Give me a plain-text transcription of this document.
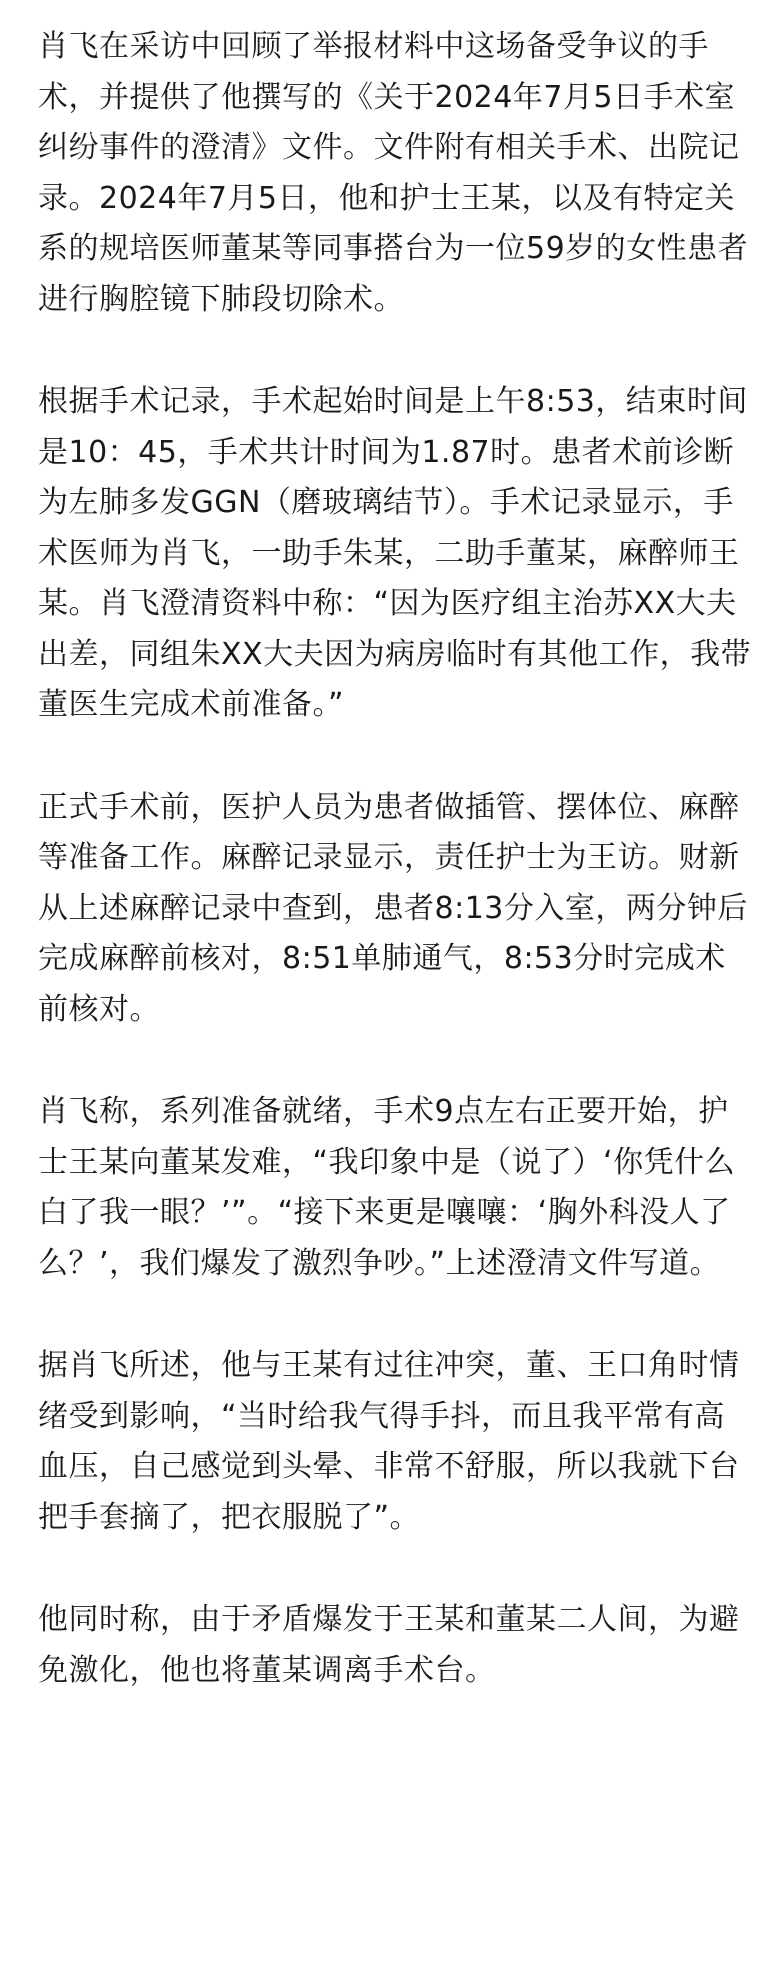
肖飞在采访中回顾了举报材料中这场备受争议的手术，并提供了他撰写的《关于2024年7月5日手术室纠纷事件的澄清》文件。文件附有相关手术、出院记录。2024年7月5日，他和护士王某，以及有特定关系的规培医师董某等同事搭台为一位59岁的女性患者进行胸腔镜下肺段切除术。

根据手术记录，手术起始时间是上午8:53，结束时间是10：45，手术共计时间为1.87时。患者术前诊断为左肺多发GGN（磨玻璃结节）。手术记录显示，手术医师为肖飞，一助手朱某，二助手董某，麻醉师王某。肖飞澄清资料中称：“因为医疗组主治苏XX大夫出差，同组朱XX大夫因为病房临时有其他工作，我带董医生完成术前准备。”

正式手术前，医护人员为患者做插管、摆体位、麻醉等准备工作。麻醉记录显示，责任护士为王访。财新从上述麻醉记录中查到，患者8:13分入室，两分钟后完成麻醉前核对，8:51单肺通气，8:53分时完成术前核对。

肖飞称，系列准备就绪，手术9点左右正要开始，护士王某向董某发难，“我印象中是（说了）‘你凭什么白了我一眼？’”。“接下来更是嚷嚷：‘胸外科没人了么？’，我们爆发了激烈争吵。”上述澄清文件写道。

据肖飞所述，他与王某有过往冲突，董、王口角时情绪受到影响，“当时给我气得手抖，而且我平常有高血压，自己感觉到头晕、非常不舒服，所以我就下台把手套摘了，把衣服脱了”。

他同时称，由于矛盾爆发于王某和董某二人间，为避免激化，他也将董某调离手术台。
